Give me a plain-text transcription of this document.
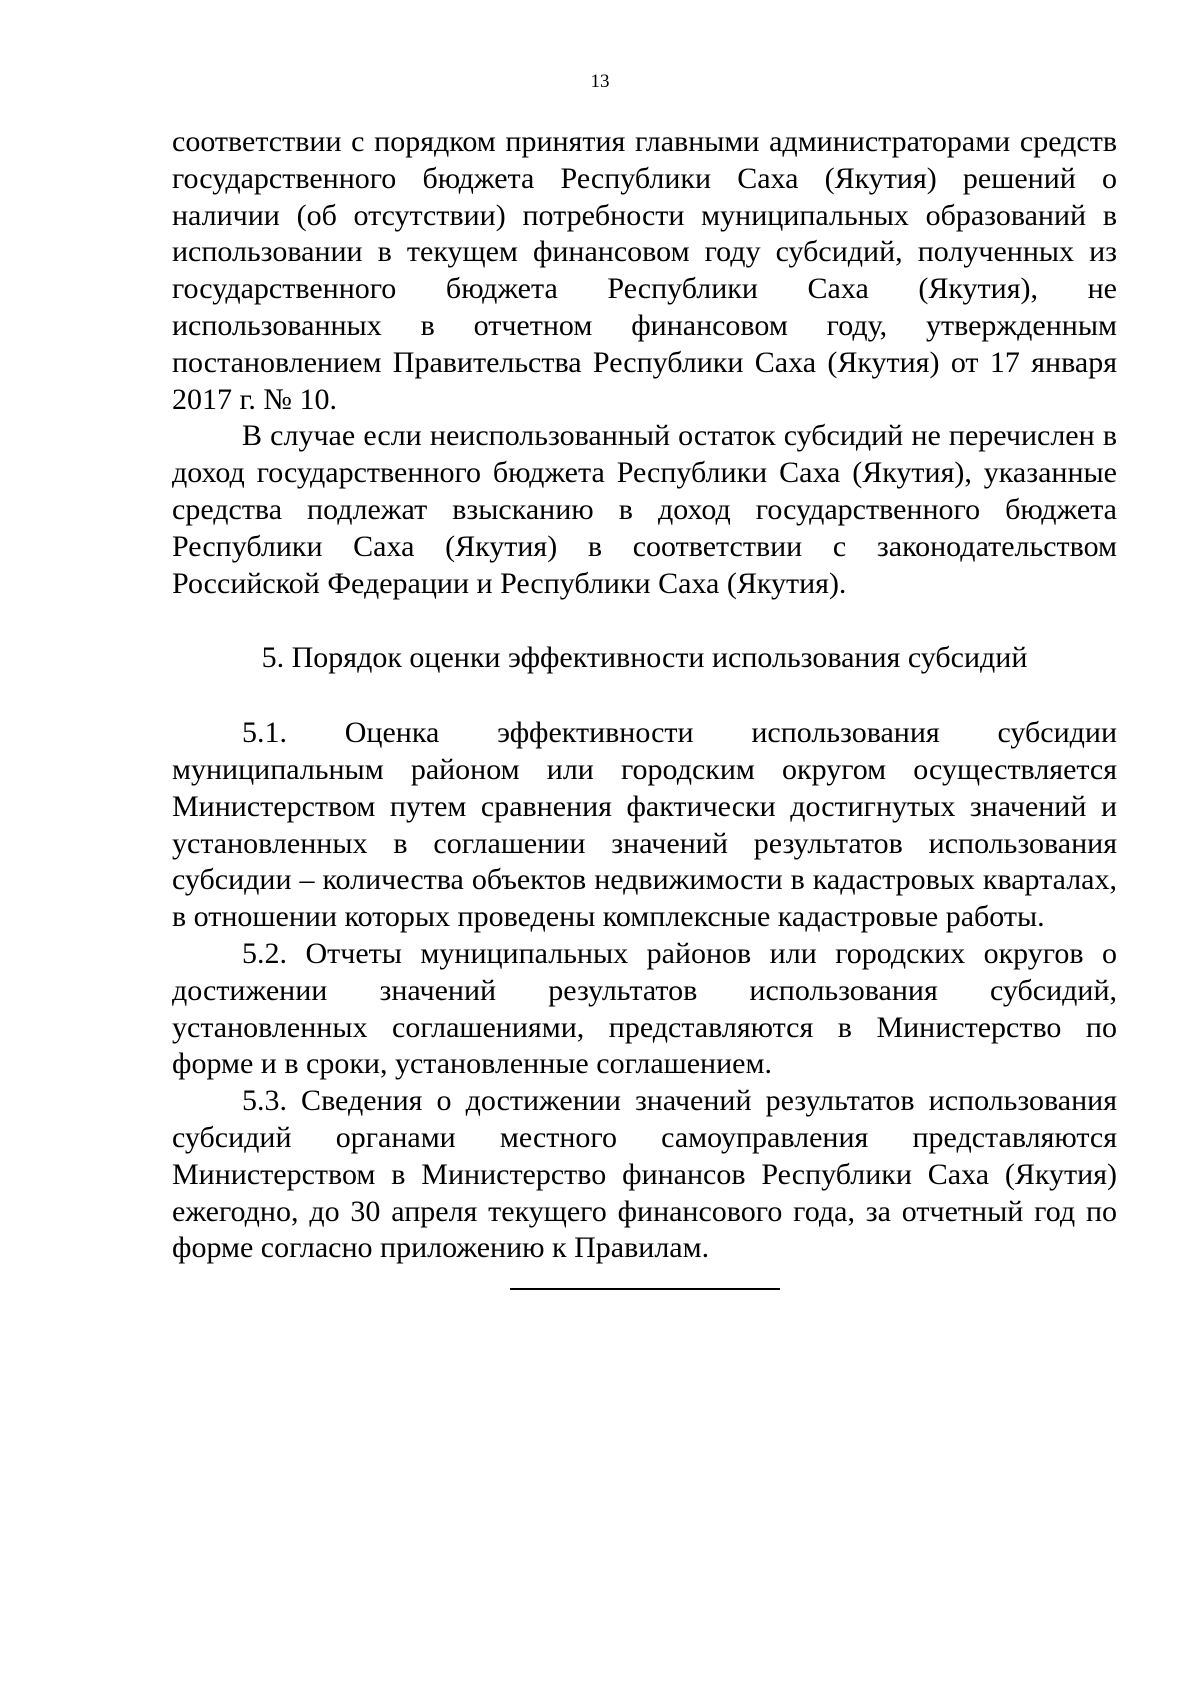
13

соответствии с порядком принятия главными администраторами средств государственного бюджета Республики Саха (Якутия) решений о наличии (об отсутствии) потребности муниципальных образований в использовании в текущем финансовом году субсидий, полученных из государственного бюджета Республики Саха (Якутия), не использованных в отчетном финансовом году, утвержденным постановлением Правительства Республики Саха (Якутия) от 17 января 2017 г. № 10.

В случае если неиспользованный остаток субсидий не перечислен в доход государственного бюджета Республики Саха (Якутия), указанные средства подлежат взысканию в доход государственного бюджета Республики Саха (Якутия) в соответствии с законодательством Российской Федерации и Республики Саха (Якутия).

5. Порядок оценки эффективности использования субсидий

5.1. Оценка эффективности использования субсидии муниципальным районом или городским округом осуществляется Министерством путем сравнения фактически достигнутых значений и установленных в соглашении значений результатов использования субсидии – количества объектов недвижимости в кадастровых кварталах, в отношении которых проведены комплексные кадастровые работы.

5.2. Отчеты муниципальных районов или городских округов о достижении значений результатов использования субсидий, установленных соглашениями, представляются в Министерство по форме и в сроки, установленные соглашением.

5.3. Сведения о достижении значений результатов использования субсидий органами местного самоуправления представляются Министерством в Министерство финансов Республики Саха (Якутия) ежегодно, до 30 апреля текущего финансового года, за отчетный год по форме согласно приложению к Правилам.
